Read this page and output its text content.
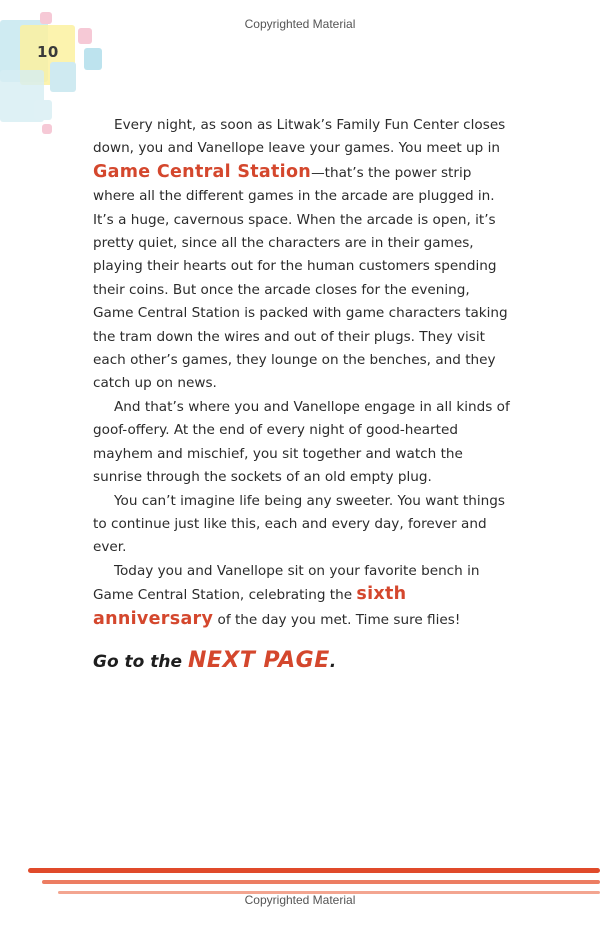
Copyrighted Material
10

Every night, as soon as Litwak’s Family Fun Center closes down, you and Vanellope leave your games. You meet up in Game Central Station—that’s the power strip where all the different games in the arcade are plugged in. It’s a huge, cavernous space. When the arcade is open, it’s pretty quiet, since all the characters are in their games, playing their hearts out for the human customers spending their coins. But once the arcade closes for the evening, Game Central Station is packed with game characters taking the tram down the wires and out of their plugs. They visit each other’s games, they lounge on the benches, and they catch up on news.

And that’s where you and Vanellope engage in all kinds of goof-offery. At the end of every night of good-hearted mayhem and mischief, you sit together and watch the sunrise through the sockets of an old empty plug.

You can’t imagine life being any sweeter. You want things to continue just like this, each and every day, forever and ever.

Today you and Vanellope sit on your favorite bench in Game Central Station, celebrating the sixth anniversary of the day you met. Time sure flies!

Go to the NEXT PAGE.
Copyrighted Material
